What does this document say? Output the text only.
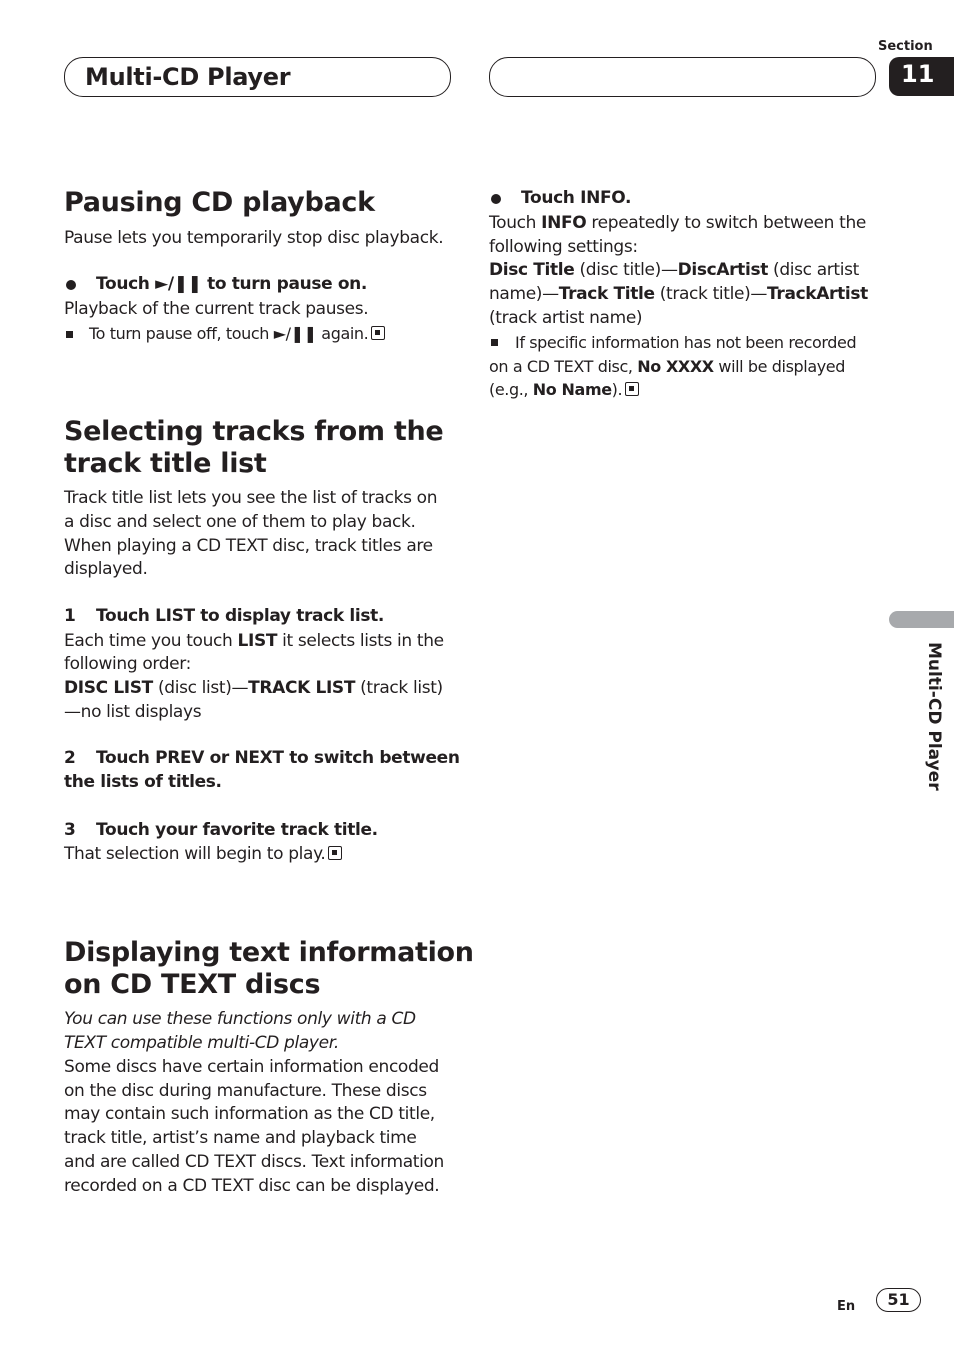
Multi-CD Player
Section
11
Multi-CD Player
Pausing CD playback

Pause lets you temporarily stop disc playback.

Touch ►/❚❚ to turn pause on.

Playback of the current track pauses.

To turn pause off, touch ►/❚❚ again.

Selecting tracks from the
track title list

Track title list lets you see the list of tracks on

a disc and select one of them to play back.

When playing a CD TEXT disc, track titles are

displayed.

1 Touch LIST to display track list.

Each time you touch LIST it selects lists in the

following order:

DISC LIST (disc list)—TRACK LIST (track list)

—no list displays

2 Touch PREV or NEXT to switch between

the lists of titles.

3 Touch your favorite track title.

That selection will begin to play.

Displaying text information
on CD TEXT discs

You can use these functions only with a CD

TEXT compatible multi-CD player.

Some discs have certain information encoded

on the disc during manufacture. These discs

may contain such information as the CD title,

track title, artist’s name and playback time

and are called CD TEXT discs. Text information

recorded on a CD TEXT disc can be displayed.

Touch INFO.

Touch INFO repeatedly to switch between the

following settings:

Disc Title (disc title)—DiscArtist (disc artist

name)—Track Title (track title)—TrackArtist

(track artist name)

If specific information has not been recorded

on a CD TEXT disc, No XXXX will be displayed

(e.g., No Name).

En	51
